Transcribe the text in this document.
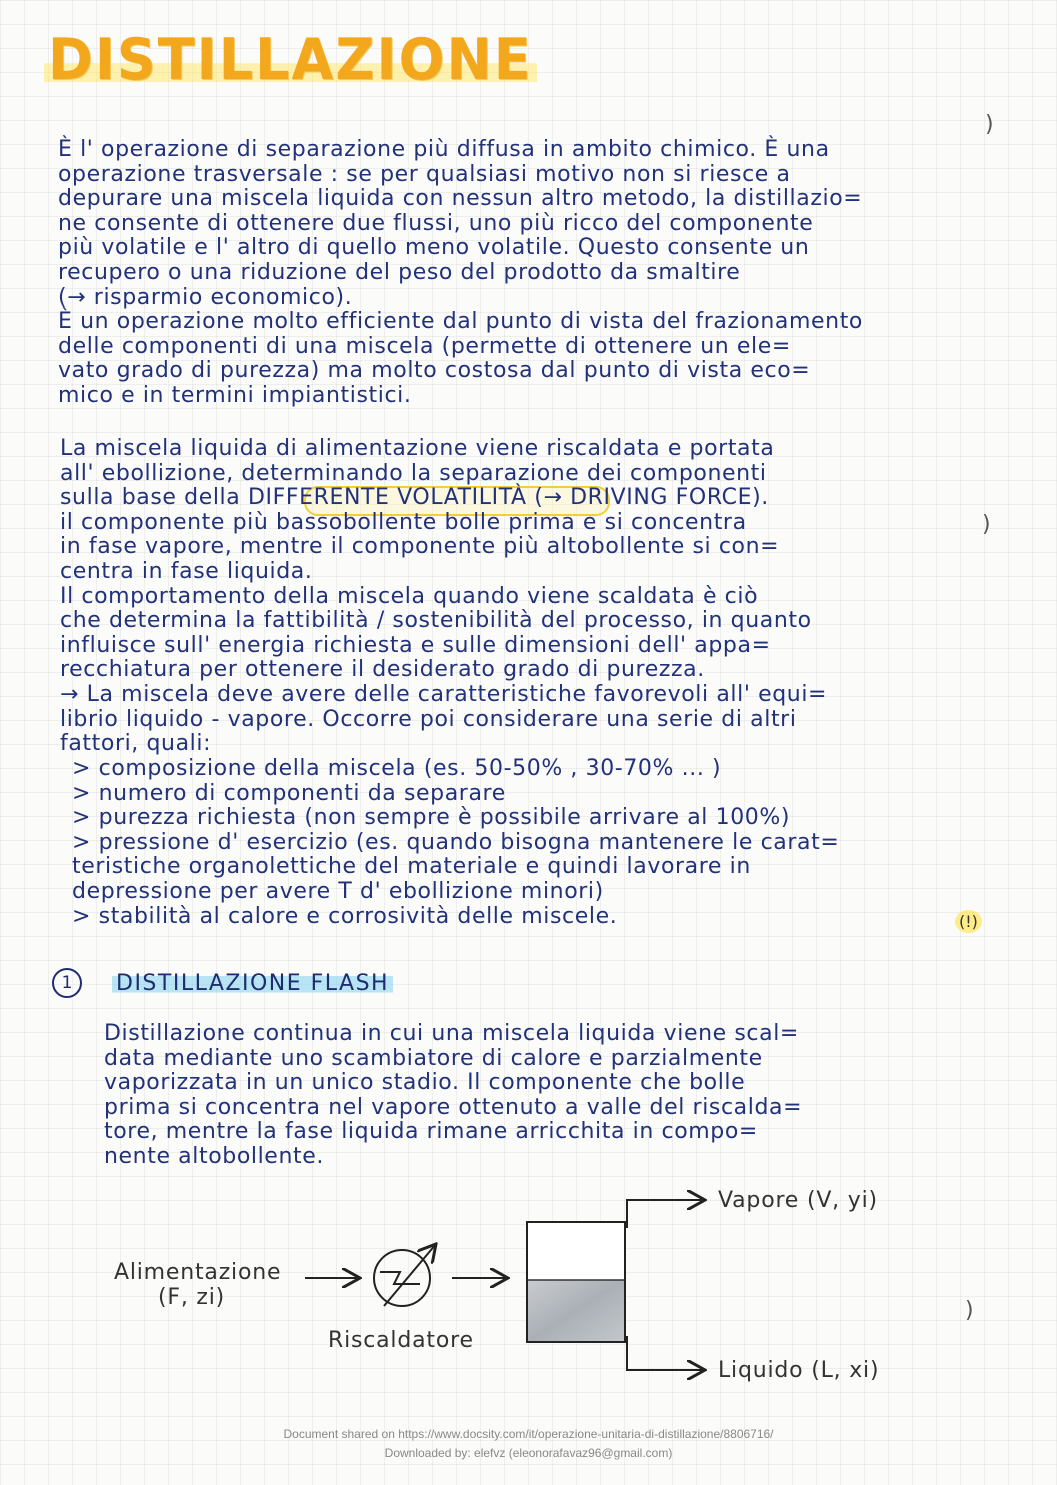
DISTILLAZIONE

È l' operazione di separazione più diffusa in ambito chimico. È una
operazione trasversale : se per qualsiasi motivo non si riesce a
depurare una miscela liquida con nessun altro metodo, la distillazio=
ne consente di ottenere due flussi, uno più ricco del componente
più volatile e l' altro di quello meno volatile. Questo consente un
recupero o una riduzione del peso del prodotto da smaltire
(→ risparmio economico).
È un operazione molto efficiente dal punto di vista del frazionamento
delle componenti di una miscela (permette di ottenere un ele=
vato grado di purezza) ma molto costosa dal punto di vista eco=
mico e in termini impiantistici.

La miscela liquida di alimentazione viene riscaldata e portata
all' ebollizione, determinando la separazione dei componenti
sulla base della DIFFERENTE VOLATILITÀ (→ DRIVING FORCE).
il componente più bassobollente bolle prima e si concentra
in fase vapore, mentre il componente più altobollente si con=
centra in fase liquida.
Il comportamento della miscela quando viene scaldata è ciò
che determina la fattibilità / sostenibilità del processo, in quanto
influisce sull' energia richiesta e sulle dimensioni dell' appa=
recchiatura per ottenere il desiderato grado di purezza.
→ La miscela deve avere delle caratteristiche favorevoli all' equi=
librio liquido - vapore. Occorre poi considerare una serie di altri
fattori, quali:

> composizione della miscela (es. 50-50% , 30-70% ... )
> numero di componenti da separare
> purezza richiesta (non sempre è possibile arrivare al 100%)
> pressione d' esercizio (es. quando bisogna mantenere le carat=
teristiche organolettiche del materiale e quindi lavorare in
depressione per avere T d' ebollizione minori)
> stabilità al calore e corrosività delle miscele.	(!)
)
)
)
1	DISTILLAZIONE FLASH

Distillazione continua in cui una miscela liquida viene scal=
data mediante uno scambiatore di calore e parzialmente
vaporizzata in un unico stadio. Il componente che bolle
prima si concentra nel vapore ottenuto a valle del riscalda=
tore, mentre la fase liquida rimane arricchita in compo=
nente altobollente.

Alimentazione
(F, zi)
Riscaldatore
Vapore (V, yi)
Liquido (L, xi)
Document shared on https://www.docsity.com/it/operazione-unitaria-di-distillazione/8806716/
Downloaded by: elefvz (eleonorafavaz96@gmail.com)
